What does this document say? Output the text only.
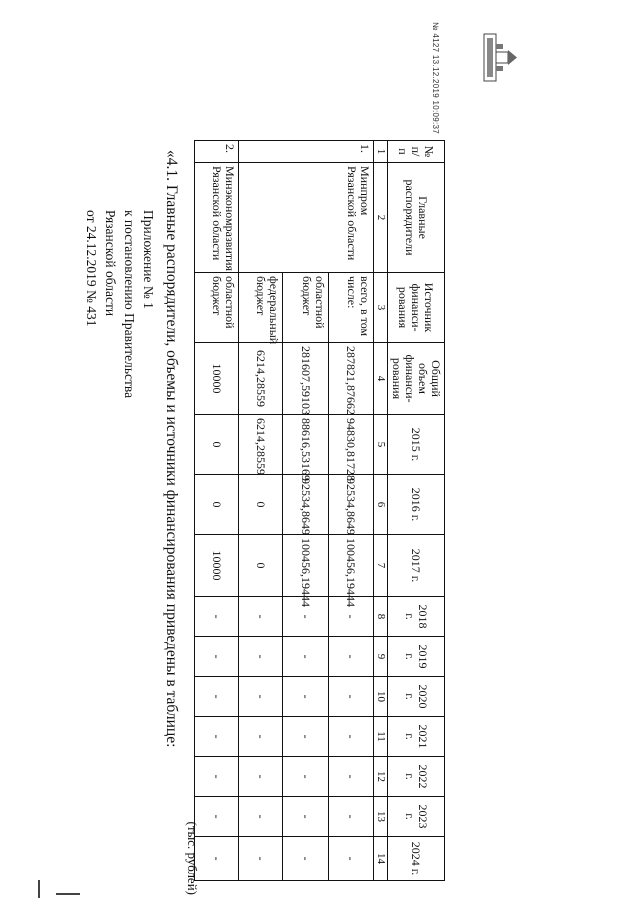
Приложение № 1
к постановлению Правительства
Рязанской области
от 24.12.2019 № 431
(тыс. рублей)
№ п/п	Главные распорядители	Источник финанси-рования	Общий объем финанси-рования	2015 г.	2016 г.	2017 г.	2018 г.	2019 г.	2020 г.	2021 г.	2022 г.	2023 г.	2024 г.
1	2	3	4	5	6	7	8	9	10	11	12	13	14
1.	Минпром Рязанской области	всего, в том числе:	287821,87662	94830,81728	92534,8649	100456,19444	-	-	-	-	-	-	-
		областной бюджет	281607,59103	88616,53169	92534,8649	100456,19444	-	-	-	-	-	-	-
		федеральный бюджет	6214,28559	6214,28559	0	0	-	-	-	-	-	-	-
2.	Минэкономразвития Рязанской области	областной бюджет	10000	0	0	10000	-	-	-	-	-	-	-
«4.1. Главные распорядители, объемы и источники финансирования приведены в таблице:
№ 4127 13.12.2019 10:09:37
